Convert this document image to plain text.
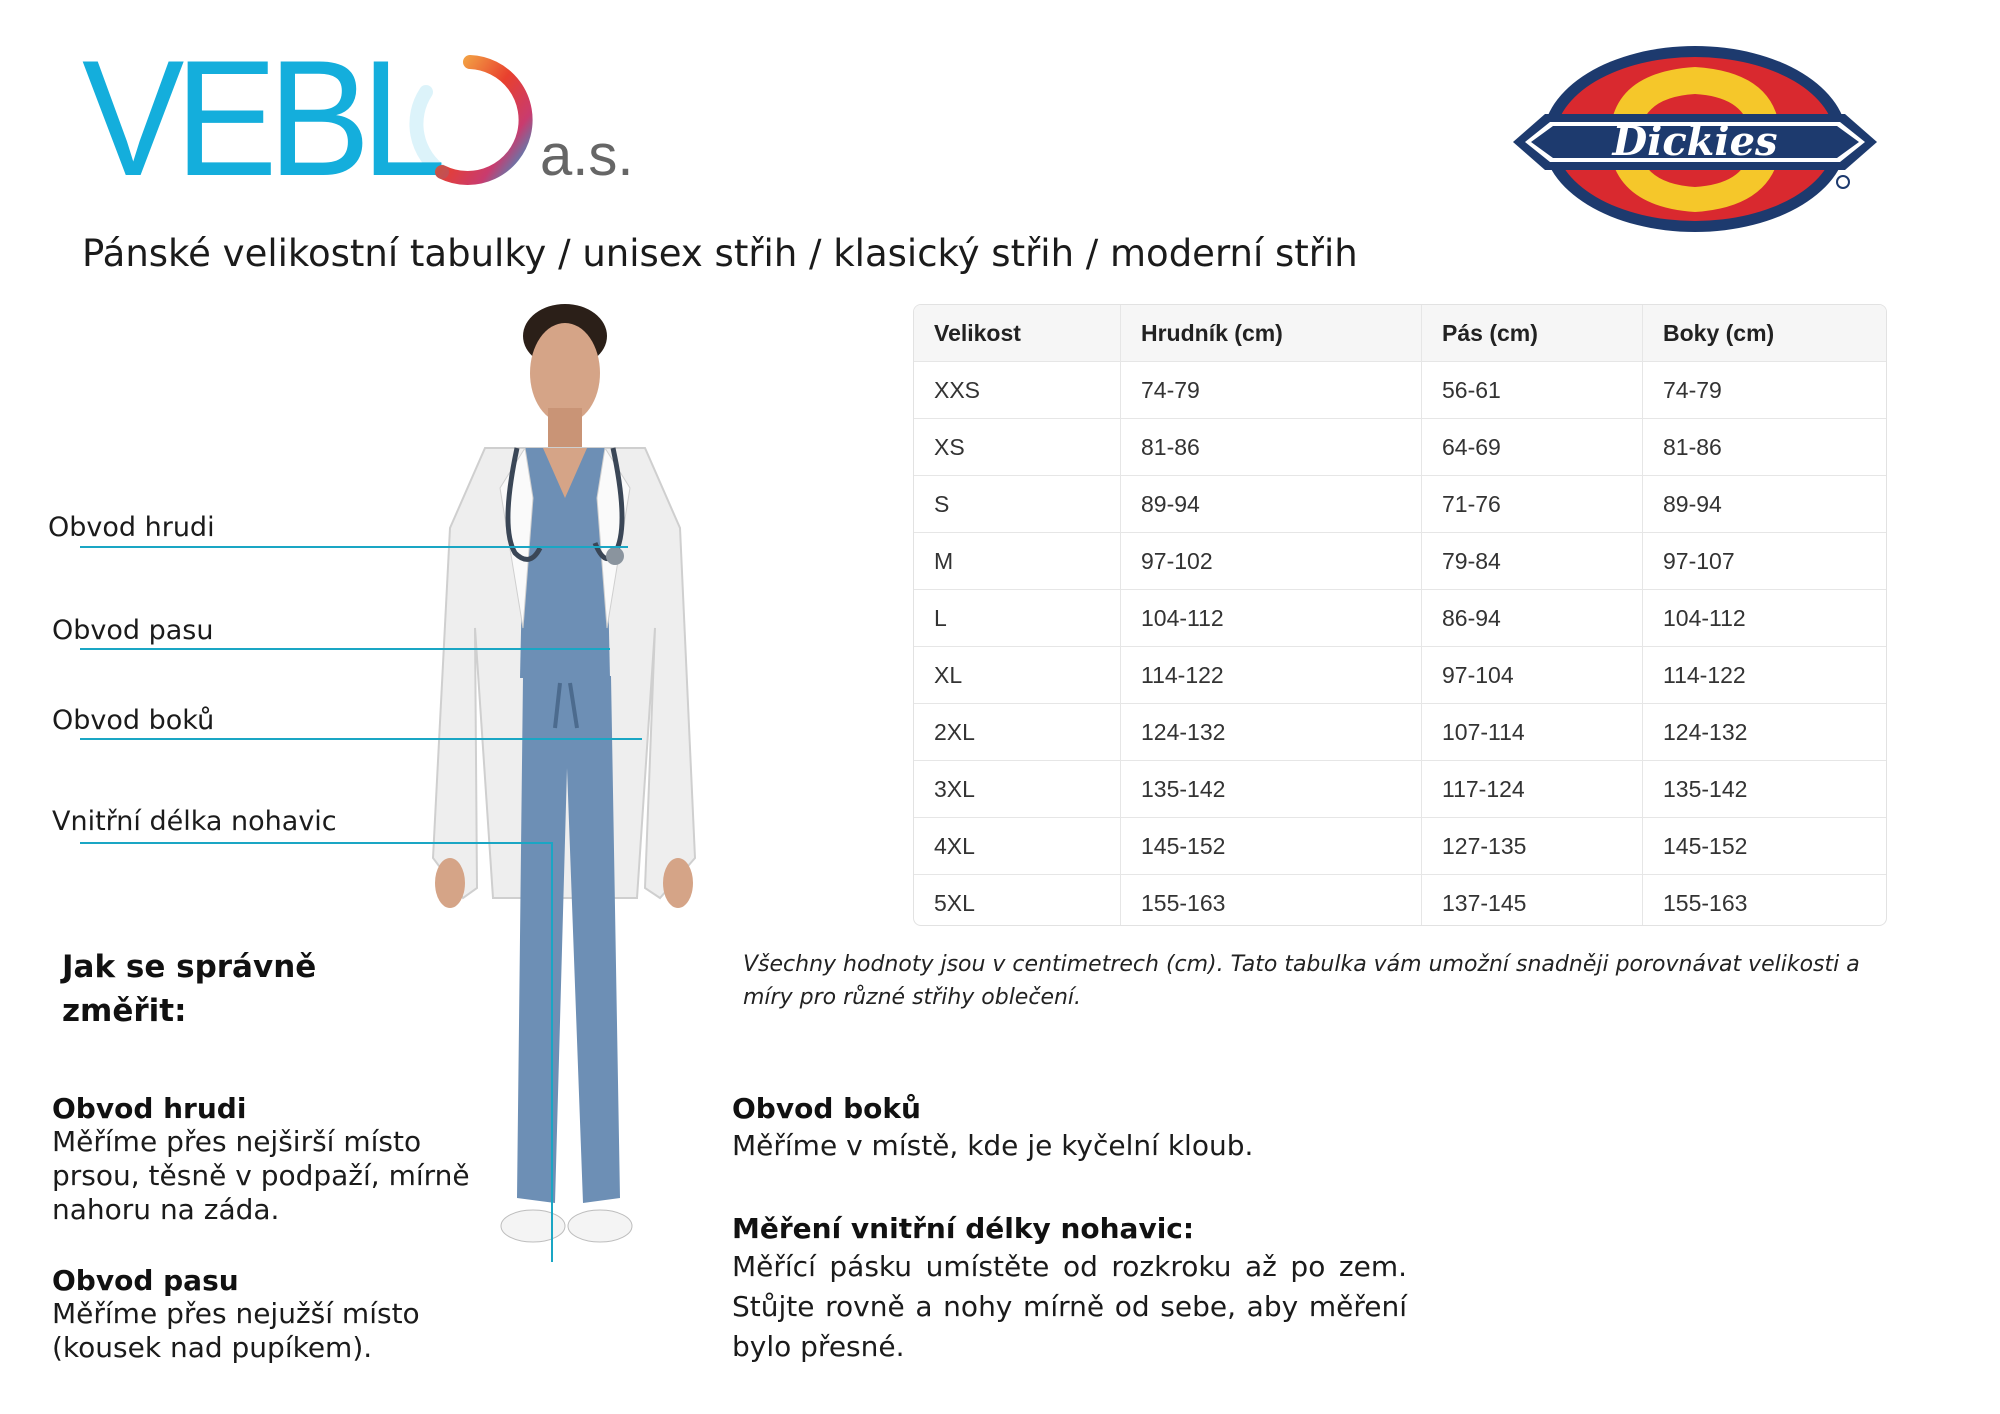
VEBL a.s.	Dickies
Pánské velikostní tabulky / unisex střih / klasický střih / moderní střih
Velikost	Hrudník (cm)	Pás (cm)	Boky (cm)
XXS	74-79	56-61	74-79
XS	81-86	64-69	81-86
S	89-94	71-76	89-94
M	97-102	79-84	97-107
L	104-112	86-94	104-112
XL	114-122	97-104	114-122
2XL	124-132	107-114	124-132
3XL	135-142	117-124	135-142
4XL	145-152	127-135	145-152
5XL	155-163	137-145	155-163
Všechny hodnoty jsou v centimetrech (cm). Tato tabulka vám umožní snadněji porovnávat velikosti a míry pro různé střihy oblečení.
Obvod hrudi
Obvod pasu
Obvod boků
Vnitřní délka nohavic
Jak se správně změřit:
Obvod hrudi
Měříme přes nejširší místo prsou, těsně v podpaží, mírně nahoru na záda.
Obvod pasu
Měříme přes nejužší místo (kousek nad pupíkem).
Obvod boků
Měříme v místě, kde je kyčelní kloub.
Měření vnitřní délky nohavic:
Měřící pásku umístěte od rozkroku až po zem. Stůjte rovně a nohy mírně od sebe, aby měření bylo přesné.
